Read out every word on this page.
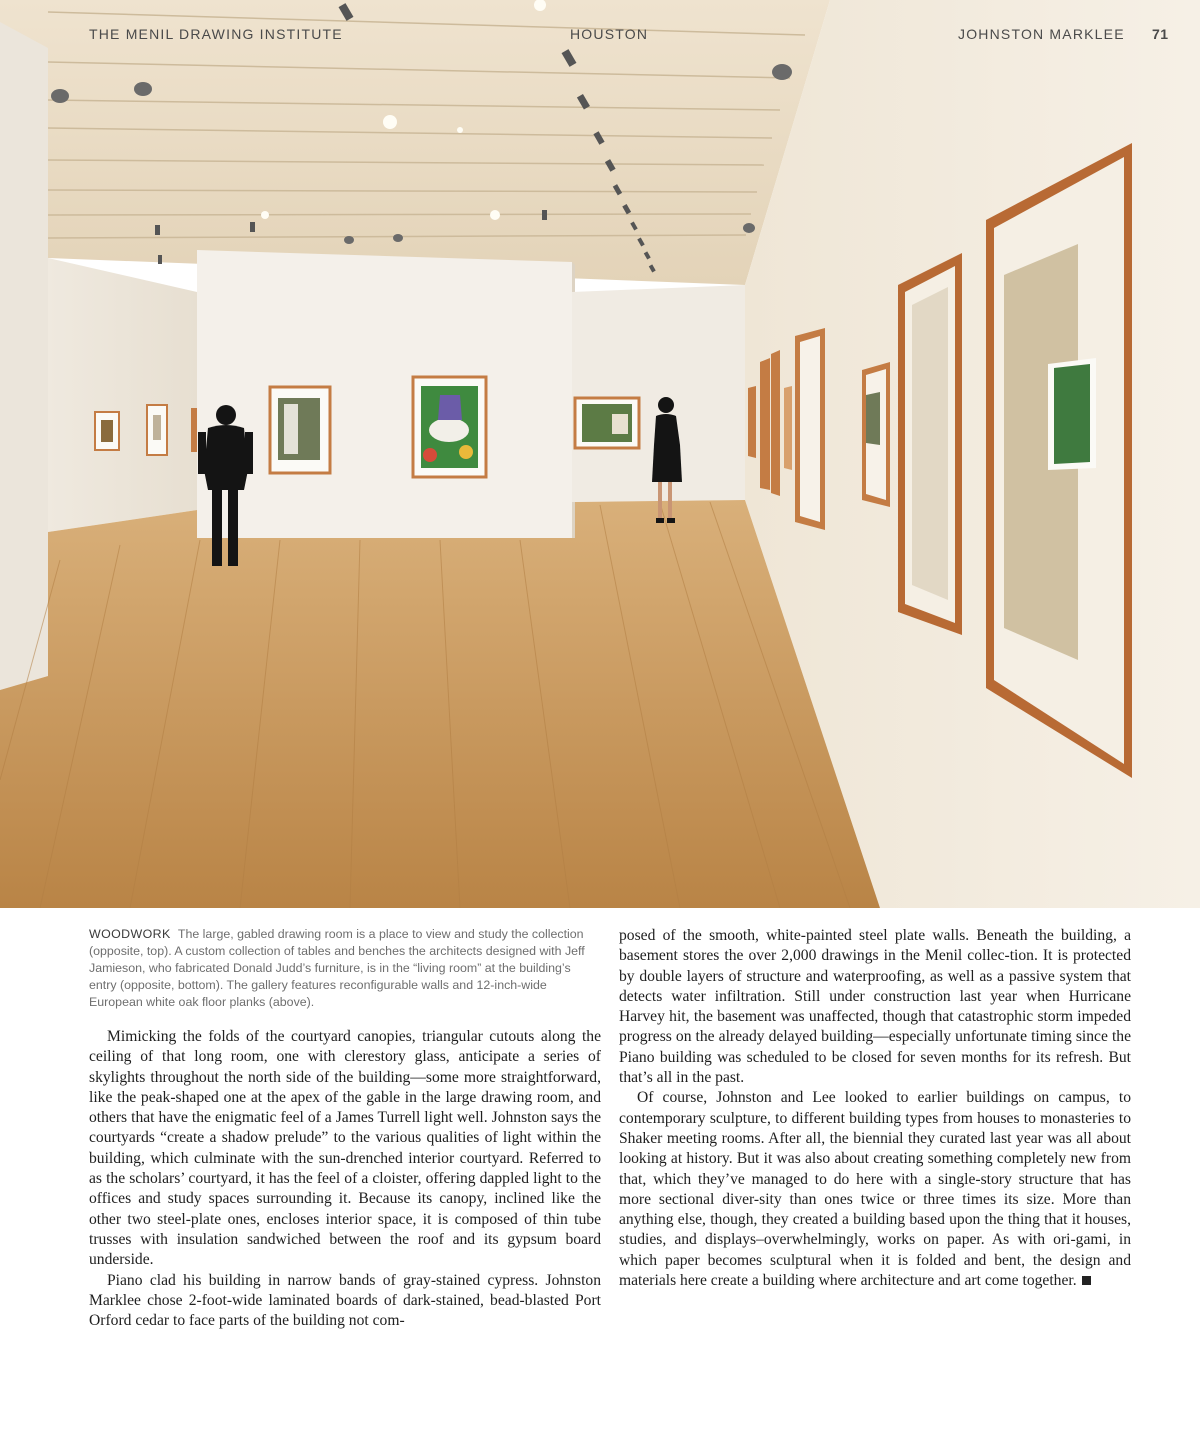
THE MENIL DRAWING INSTITUTE	HOUSTON	JOHNSTON MARKLEE 71
WOODWORK The large, gabled drawing room is a place to view and study the collection (opposite, top). A custom collection of tables and benches the architects designed with Jeff Jamieson, who fabricated Donald Judd’s furniture, is in the “living room” at the building’s entry (opposite, bottom). The gallery features reconfigurable walls and 12-inch-wide European white oak floor planks (above).

Mimicking the folds of the courtyard canopies, triangular cutouts along the ceiling of that long room, one with clerestory glass, anticipate a series of skylights throughout the north side of the building—some more straightforward, like the peak-shaped one at the apex of the gable in the large drawing room, and others that have the enigmatic feel of a James Turrell light well. Johnston says the courtyards “create a shadow prelude” to the various qualities of light within the building, which culminate with the sun-drenched interior courtyard. Referred to as the scholars’ courtyard, it has the feel of a cloister, offering dappled light to the offices and study spaces surrounding it. Because its canopy, inclined like the other two steel-plate ones, encloses interior space, it is composed of thin tube trusses with insulation sandwiched between the roof and its gypsum board underside.

Piano clad his building in narrow bands of gray-stained cypress. Johnston Marklee chose 2-foot-wide laminated boards of dark-stained, bead-blasted Port Orford cedar to face parts of the building not com-

posed of the smooth, white-painted steel plate walls. Beneath the building, a basement stores the over 2,000 drawings in the Menil collec-tion. It is protected by double layers of structure and waterproofing, as well as a passive system that detects water infiltration. Still under construction last year when Hurricane Harvey hit, the basement was unaffected, though that catastrophic storm impeded progress on the already delayed building—especially unfortunate timing since the Piano building was scheduled to be closed for seven months for its refresh. But that’s all in the past.

Of course, Johnston and Lee looked to earlier buildings on campus, to contemporary sculpture, to different building types from houses to monasteries to Shaker meeting rooms. After all, the biennial they curated last year was all about looking at history. But it was also about creating something completely new from that, which they’ve managed to do here with a single-story structure that has more sectional diver-sity than ones twice or three times its size. More than anything else, though, they created a building based upon the thing that it houses, studies, and displays–overwhelmingly, works on paper. As with ori-gami, in which paper becomes sculptural when it is folded and bent, the design and materials here create a building where architecture and art come together.
